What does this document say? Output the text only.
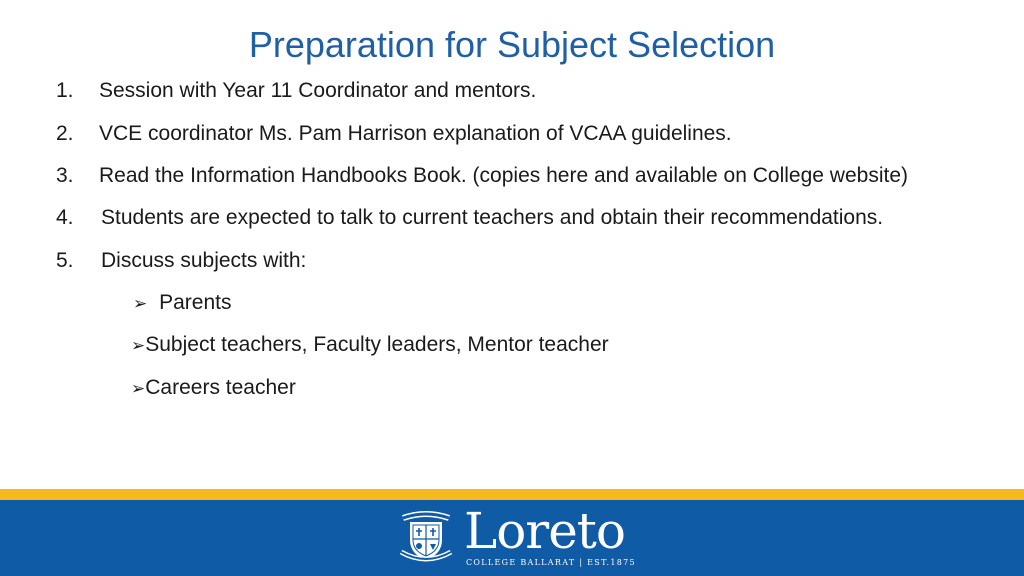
Preparation for Subject Selection
1. Session with Year 11 Coordinator and mentors.
2. VCE coordinator Ms. Pam Harrison explanation of VCAA guidelines.
3. Read the Information Handbooks Book. (copies here and available on College website)
4. Students are expected to talk to current teachers and obtain their recommendations.
5. Discuss subjects with:
➢ Parents
➢Subject teachers, Faculty leaders, Mentor teacher
➢Careers teacher
Loreto
COLLEGE BALLARAT | EST.1875
